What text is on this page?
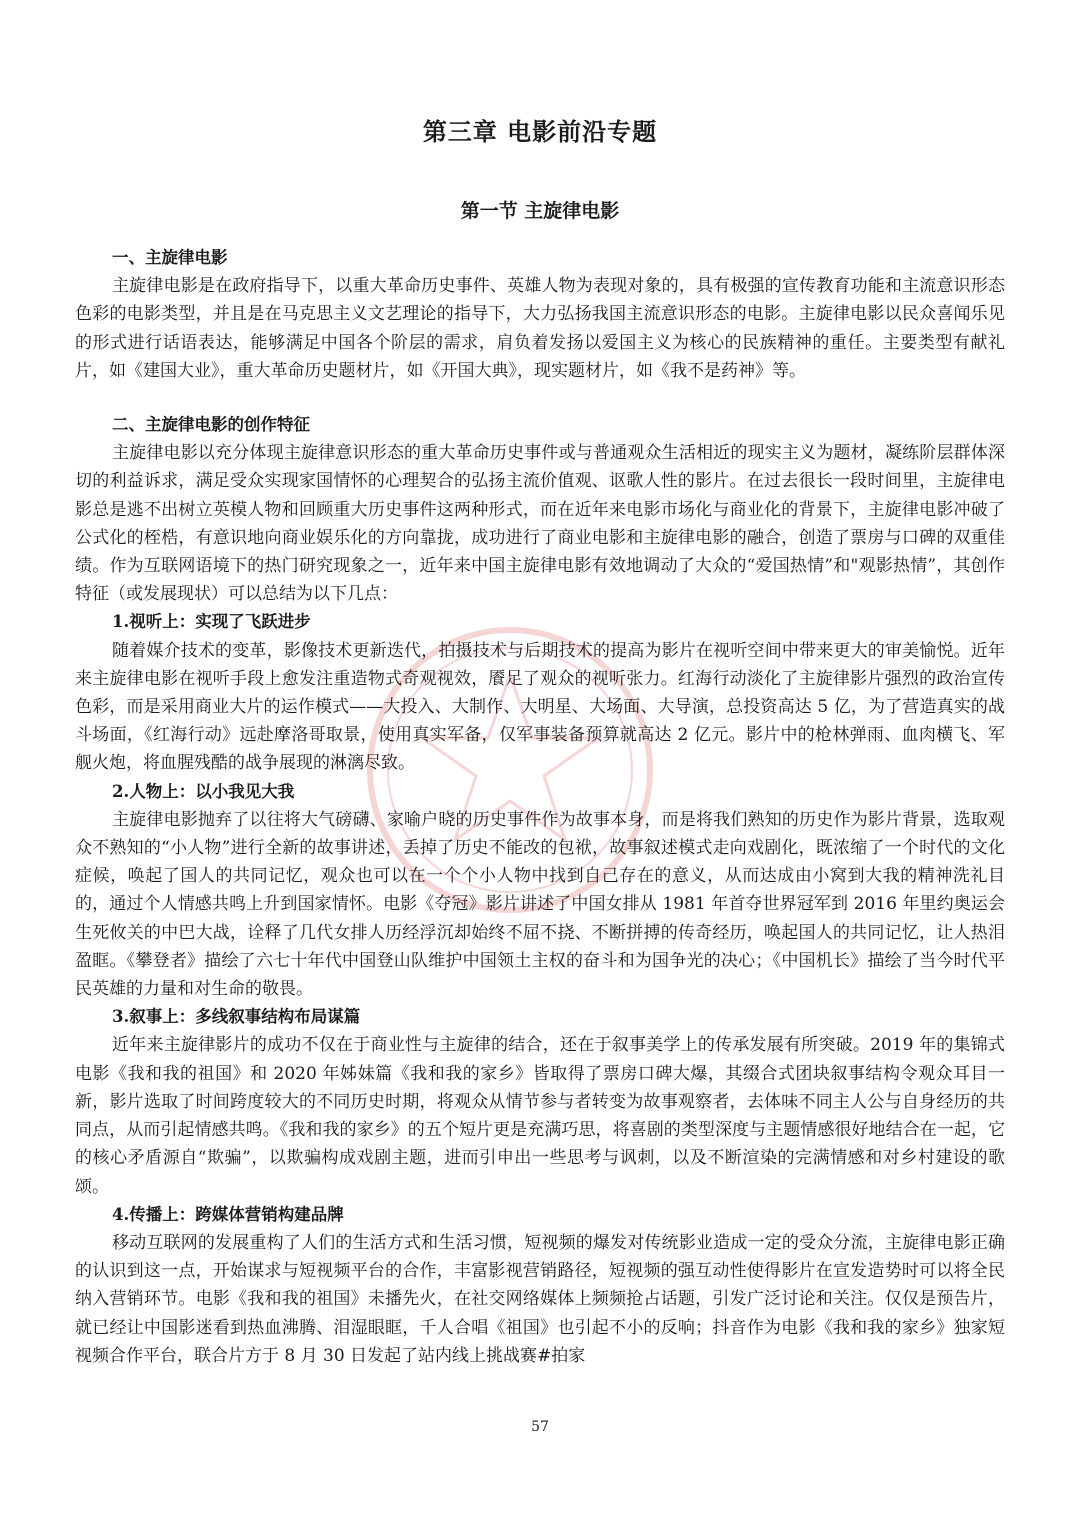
第三章 电影前沿专题
第一节 主旋律电影

一、主旋律电影

主旋律电影是在政府指导下，以重大革命历史事件、英雄人物为表现对象的，具有极强的宣传教育功能和主流意识形态色彩的电影类型，并且是在马克思主义文艺理论的指导下，大力弘扬我国主流意识形态的电影。主旋律电影以民众喜闻乐见的形式进行话语表达，能够满足中国各个阶层的需求，肩负着发扬以爱国主义为核心的民族精神的重任。主要类型有献礼片，如《建国大业》，重大革命历史题材片，如《开国大典》，现实题材片，如《我不是药神》等。

二、主旋律电影的创作特征

主旋律电影以充分体现主旋律意识形态的重大革命历史事件或与普通观众生活相近的现实主义为题材，凝练阶层群体深切的利益诉求，满足受众实现家国情怀的心理契合的弘扬主流价值观、讴歌人性的影片。在过去很长一段时间里，主旋律电影总是逃不出树立英模人物和回顾重大历史事件这两种形式，而在近年来电影市场化与商业化的背景下，主旋律电影冲破了公式化的桎梏，有意识地向商业娱乐化的方向靠拢，成功进行了商业电影和主旋律电影的融合，创造了票房与口碑的双重佳绩。作为互联网语境下的热门研究现象之一，近年来中国主旋律电影有效地调动了大众的“爱国热情”和"观影热情”，其创作特征（或发展现状）可以总结为以下几点：

1.视听上：实现了飞跃进步

随着媒介技术的变革，影像技术更新迭代，拍摄技术与后期技术的提高为影片在视听空间中带来更大的审美愉悦。近年来主旋律电影在视听手段上愈发注重造物式奇观视效，餍足了观众的视听张力。红海行动淡化了主旋律影片强烈的政治宣传色彩，而是采用商业大片的运作模式——大投入、大制作、大明星、大场面、大导演，总投资高达 5 亿，为了营造真实的战斗场面，《红海行动》远赴摩洛哥取景，使用真实军备，仅军事装备预算就高达 2 亿元。影片中的枪林弹雨、血肉横飞、军舰火炮，将血腥残酷的战争展现的淋漓尽致。

2.人物上：以小我见大我

主旋律电影抛弃了以往将大气磅礴、家喻户晓的历史事件作为故事本身，而是将我们熟知的历史作为影片背景，选取观众不熟知的“小人物”进行全新的故事讲述，丢掉了历史不能改的包袱，故事叙述模式走向戏剧化，既浓缩了一个时代的文化症候，唤起了国人的共同记忆，观众也可以在一个个小人物中找到自己存在的意义，从而达成由小窝到大我的精神洗礼目的，通过个人情感共鸣上升到国家情怀。电影《夺冠》影片讲述了中国女排从 1981 年首夺世界冠军到 2016 年里约奥运会生死攸关的中巴大战，诠释了几代女排人历经浮沉却始终不屈不挠、不断拼搏的传奇经历，唤起国人的共同记忆，让人热泪盈眶。《攀登者》描绘了六七十年代中国登山队维护中国领土主权的奋斗和为国争光的决心；《中国机长》描绘了当今时代平民英雄的力量和对生命的敬畏。

3.叙事上：多线叙事结构布局谋篇

近年来主旋律影片的成功不仅在于商业性与主旋律的结合，还在于叙事美学上的传承发展有所突破。2019 年的集锦式电影《我和我的祖国》和 2020 年姊妹篇《我和我的家乡》皆取得了票房口碑大爆，其缀合式团块叙事结构令观众耳目一新，影片选取了时间跨度较大的不同历史时期，将观众从情节参与者转变为故事观察者，去体味不同主人公与自身经历的共同点，从而引起情感共鸣。《我和我的家乡》的五个短片更是充满巧思，将喜剧的类型深度与主题情感很好地结合在一起，它的核心矛盾源自“欺骗”，以欺骗构成戏剧主题，进而引申出一些思考与讽刺，以及不断渲染的完满情感和对乡村建设的歌颂。

4.传播上：跨媒体营销构建品牌

移动互联网的发展重构了人们的生活方式和生活习惯，短视频的爆发对传统影业造成一定的受众分流，主旋律电影正确的认识到这一点，开始谋求与短视频平台的合作，丰富影视营销路径，短视频的强互动性使得影片在宣发造势时可以将全民纳入营销环节。电影《我和我的祖国》未播先火，在社交网络媒体上频频抢占话题，引发广泛讨论和关注。仅仅是预告片，就已经让中国影迷看到热血沸腾、泪湿眼眶，千人合唱《祖国》也引起不小的反响；抖音作为电影《我和我的家乡》独家短视频合作平台，联合片方于 8 月 30 日发起了站内线上挑战赛#拍家

57
